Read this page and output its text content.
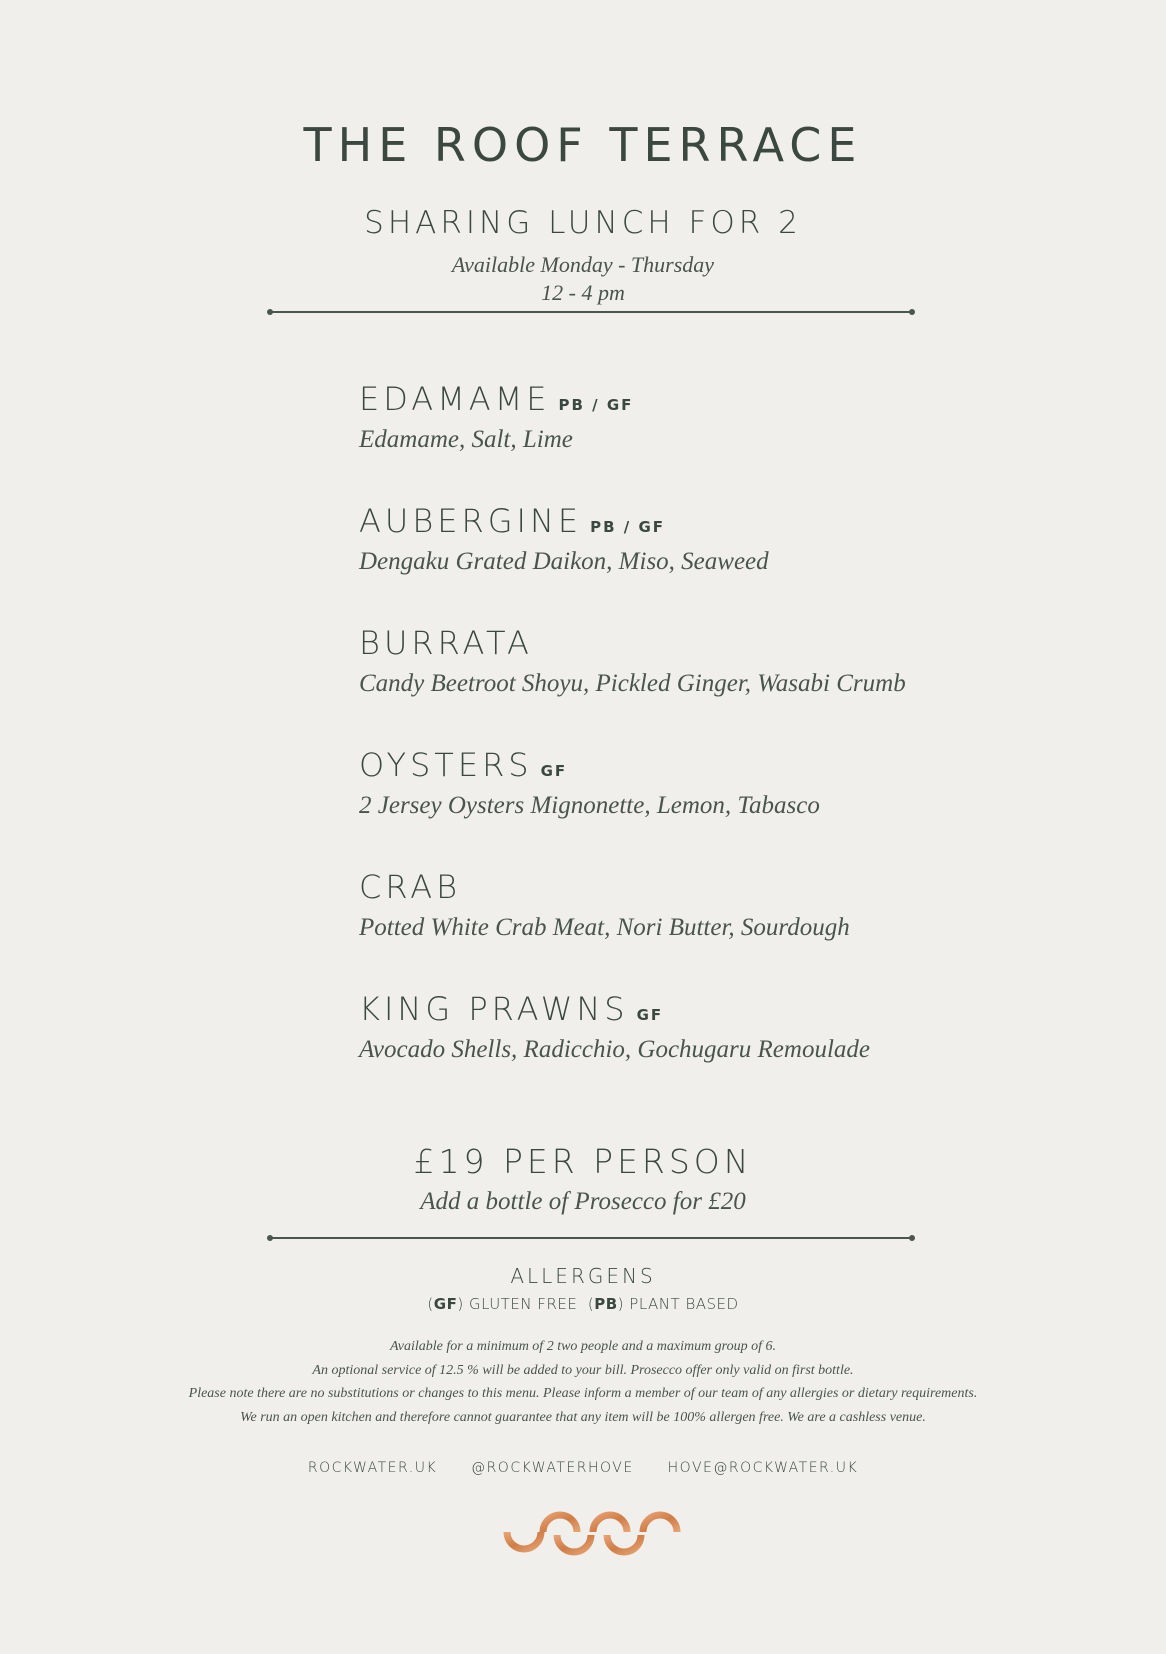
THE ROOF TERRACE
SHARING LUNCH FOR 2
Available Monday - Thursday
12 - 4 pm
EDAMAME PB / GF
Edamame, Salt, Lime
AUBERGINE PB / GF
Dengaku Grated Daikon, Miso, Seaweed
BURRATA
Candy Beetroot Shoyu, Pickled Ginger, Wasabi Crumb
OYSTERS GF
2 Jersey Oysters Mignonette, Lemon, Tabasco
CRAB
Potted White Crab Meat, Nori Butter, Sourdough
KING PRAWNS GF
Avocado Shells, Radicchio, Gochugaru Remoulade
£19 PER PERSON
Add a bottle of Prosecco for £20
ALLERGENS
(GF) GLUTEN FREE  (PB) PLANT BASED
Available for a minimum of 2 two people and a maximum group of 6.
An optional service of 12.5 % will be added to your bill. Prosecco offer only valid on first bottle.
Please note there are no substitutions or changes to this menu. Please inform a member of our team of any allergies or dietary requirements.
We run an open kitchen and therefore cannot guarantee that any item will be 100% allergen free. We are a cashless venue.
ROCKWATER.UK @ROCKWATERHOVE HOVE@ROCKWATER.UK
